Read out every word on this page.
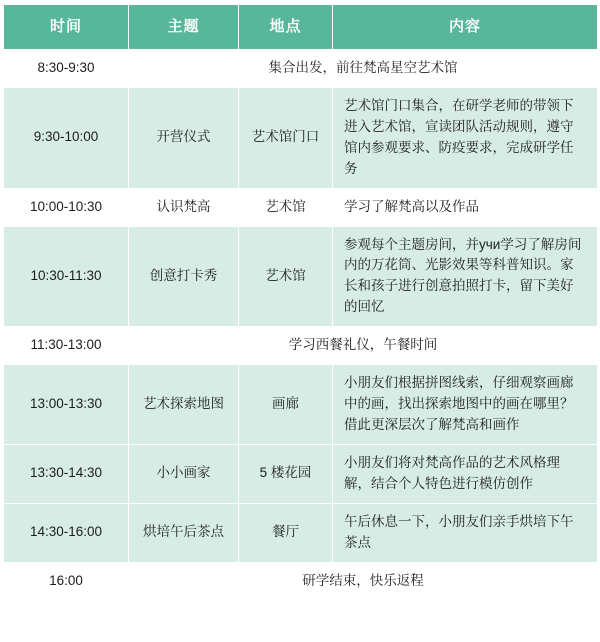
时间	主题	地点	内容
8:30-9:30	集合出发，前往梵高星空艺术馆		
9:30-10:00	开营仪式	艺术馆门口	艺术馆门口集合，在研学老师的带领下进入艺术馆，宣读团队活动规则，遵守馆内参观要求、防疫要求，完成研学任务
10:00-10:30	认识梵高	艺术馆	学习了解梵高以及作品
10:30-11:30	创意打卡秀	艺术馆	参观每个主题房间，并учи学习了解房间内的万花筒、光影效果等科普知识。家长和孩子进行创意拍照打卡，留下美好的回忆
11:30-13:00	学习西餐礼仪，午餐时间		
13:00-13:30	艺术探索地图	画廊	小朋友们根据拼图线索，仔细观察画廊中的画，找出探索地图中的画在哪里？借此更深层次了解梵高和画作
13:30-14:30	小小画家	5 楼花园	小朋友们将对梵高作品的艺术风格理解，结合个人特色进行模仿创作
14:30-16:00	烘培午后茶点	餐厅	午后休息一下，小朋友们亲手烘培下午茶点
16:00	研学结束，快乐返程		
